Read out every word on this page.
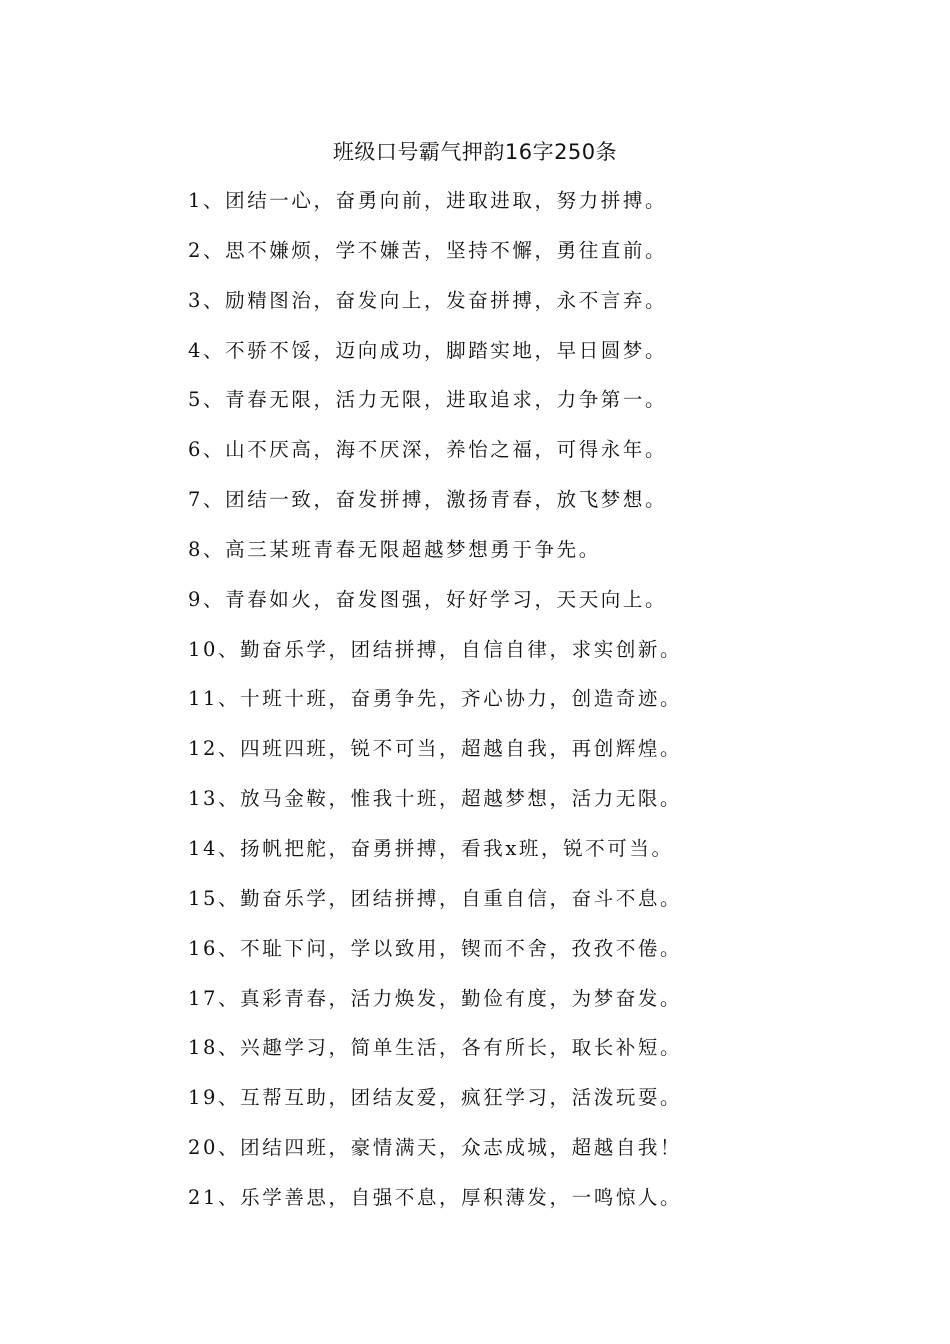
班级口号霸气押韵16字250条
1、团结一心，奋勇向前，进取进取，努力拼搏。
2、思不嫌烦，学不嫌苦，坚持不懈，勇往直前。
3、励精图治，奋发向上，发奋拼搏，永不言弃。
4、不骄不馁，迈向成功，脚踏实地，早日圆梦。
5、青春无限，活力无限，进取追求，力争第一。
6、山不厌高，海不厌深，养怡之福，可得永年。
7、团结一致，奋发拼搏，激扬青春，放飞梦想。
8、高三某班青春无限超越梦想勇于争先。
9、青春如火，奋发图强，好好学习，天天向上。
10、勤奋乐学，团结拼搏，自信自律，求实创新。
11、十班十班，奋勇争先，齐心协力，创造奇迹。
12、四班四班，锐不可当，超越自我，再创辉煌。
13、放马金鞍，惟我十班，超越梦想，活力无限。
14、扬帆把舵，奋勇拼搏，看我x班，锐不可当。
15、勤奋乐学，团结拼搏，自重自信，奋斗不息。
16、不耻下问，学以致用，锲而不舍，孜孜不倦。
17、真彩青春，活力焕发，勤俭有度，为梦奋发。
18、兴趣学习，简单生活，各有所长，取长补短。
19、互帮互助，团结友爱，疯狂学习，活泼玩耍。
20、团结四班，豪情满天，众志成城，超越自我！
21、乐学善思，自强不息，厚积薄发，一鸣惊人。
